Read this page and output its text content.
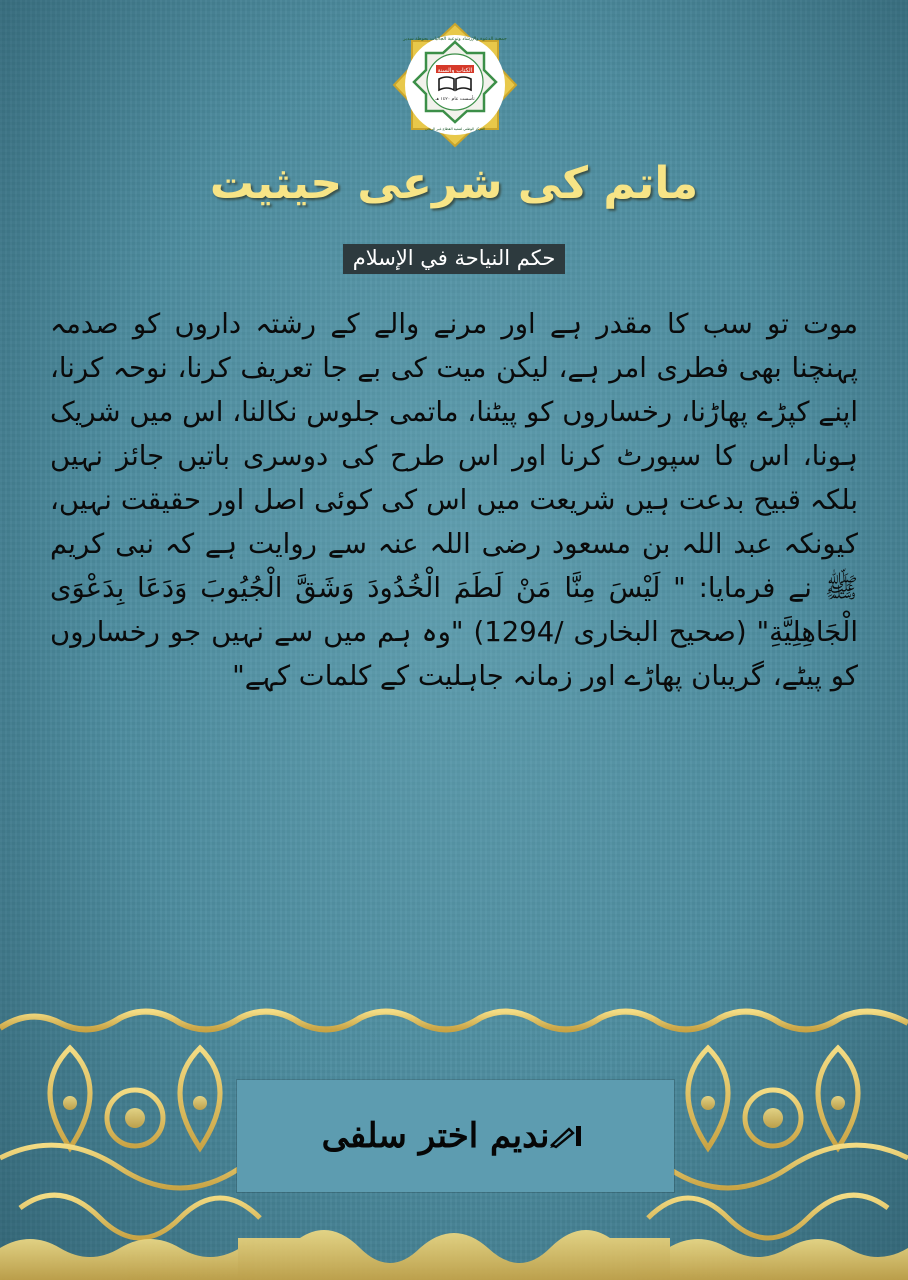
الكتاب والسنة
تأسست عام ١٤٢٠ هـ
جمعية الدعوة والإرشاد وتوعية الجاليات بحوطة سدير
المركز الوطني لتنمية القطاع غير الربحي
ماتم کی شرعی حیثیت
حكم النياحة في الإسلام

موت تو سب کا مقدر ہے اور مرنے والے کے رشتہ داروں کو صدمہ پہنچنا بھی فطری امر ہے، لیکن میت کی بے جا تعریف کرنا، نوحہ کرنا، اپنے کپڑے پھاڑنا، رخساروں کو پیٹنا، ماتمی جلوس نکالنا، اس میں شریک ہونا، اس کا سپورٹ کرنا اور اس طرح کی دوسری باتیں جائز نہیں بلکہ قبیح بدعت ہیں شریعت میں اس کی کوئی اصل اور حقیقت نہیں، کیونکہ عبد اللہ بن مسعود رضی اللہ عنہ سے روایت ہے کہ نبی کریم ﷺ نے فرمایا: " لَيْسَ مِنَّا مَنْ لَطَمَ الْخُدُودَ وَشَقَّ الْجُيُوبَ وَدَعَا بِدَعْوَى الْجَاهِلِيَّةِ" (صحیح البخاری /1294) "وہ ہم میں سے نہیں جو رخساروں کو پیٹے، گریبان پھاڑے اور زمانہ جاہلیت کے کلمات کہے"

ندیم اختر سلفی
